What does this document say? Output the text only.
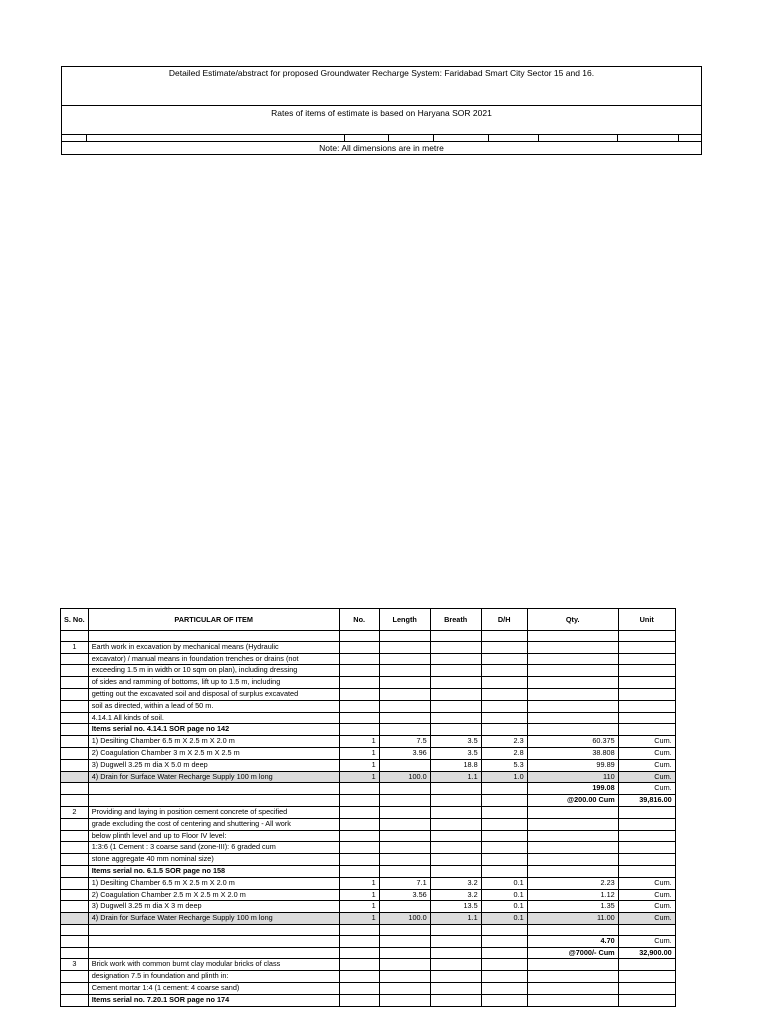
Detailed Estimate/abstract for proposed Groundwater Recharge System: Faridabad Smart City Sector 15 and 16.
Rates of items of estimate is based on Haryana SOR 2021
Note: All dimensions are in metre
S. No.	PARTICULAR OF ITEM	No.	Length	Breath	D/H	Qty.	Unit

1	Earth work in excavation by mechanical means (Hydraulic						
	excavator) / manual means in foundation trenches or drains (not						
	exceeding 1.5 m in width or 10 sqm on plan), including dressing						
	of sides and ramming of bottoms, lift up to 1.5 m, including						
	getting out the excavated soil and disposal of surplus excavated						
	soil as directed, within a lead of 50 m.						
	4.14.1 All kinds of soil.						
	Items serial no. 4.14.1 SOR page no 142						
	1) Desilting Chamber 6.5 m X 2.5 m X 2.0 m	1	7.5	3.5	2.3	60.375	Cum.
	2) Coagulation Chamber 3 m X 2.5 m X 2.5 m	1	3.96	3.5	2.8	38.808	Cum.
	3) Dugwell 3.25 m dia X 5.0 m deep	1		18.8	5.3	99.89	Cum.
	4) Drain for Surface Water Recharge Supply 100 m long	1	100.0	1.1	1.0	110	Cum.
						199.08	Cum.
						@200.00 Cum	39,816.00
2	Providing and laying in position cement concrete of specified						
	grade excluding the cost of centering and shuttering - All work						
	below plinth level and up to Floor IV level:						
	1:3:6 (1 Cement : 3 coarse sand (zone-III): 6 graded cum						
	stone aggregate 40 mm nominal size)						
	Items serial no. 6.1.5 SOR page no 158						
	1) Desilting Chamber 6.5 m X 2.5 m X 2.0 m	1	7.1	3.2	0.1	2.23	Cum.
	2) Coagulation Chamber 2.5 m X 2.5 m X 2.0 m	1	3.56	3.2	0.1	1.12	Cum.
	3) Dugwell 3.25 m dia X 3 m deep	1		13.5	0.1	1.35	Cum.
	4) Drain for Surface Water Recharge Supply 100 m long	1	100.0	1.1	0.1	11.00	Cum.

						4.70	Cum.
						@7000/- Cum	32,900.00
3	Brick work with common burnt clay modular bricks of class						
	designation 7.5 in foundation and plinth in:						
	Cement mortar 1:4 (1 cement: 4 coarse sand)						
	Items serial no. 7.20.1 SOR page no 174						
